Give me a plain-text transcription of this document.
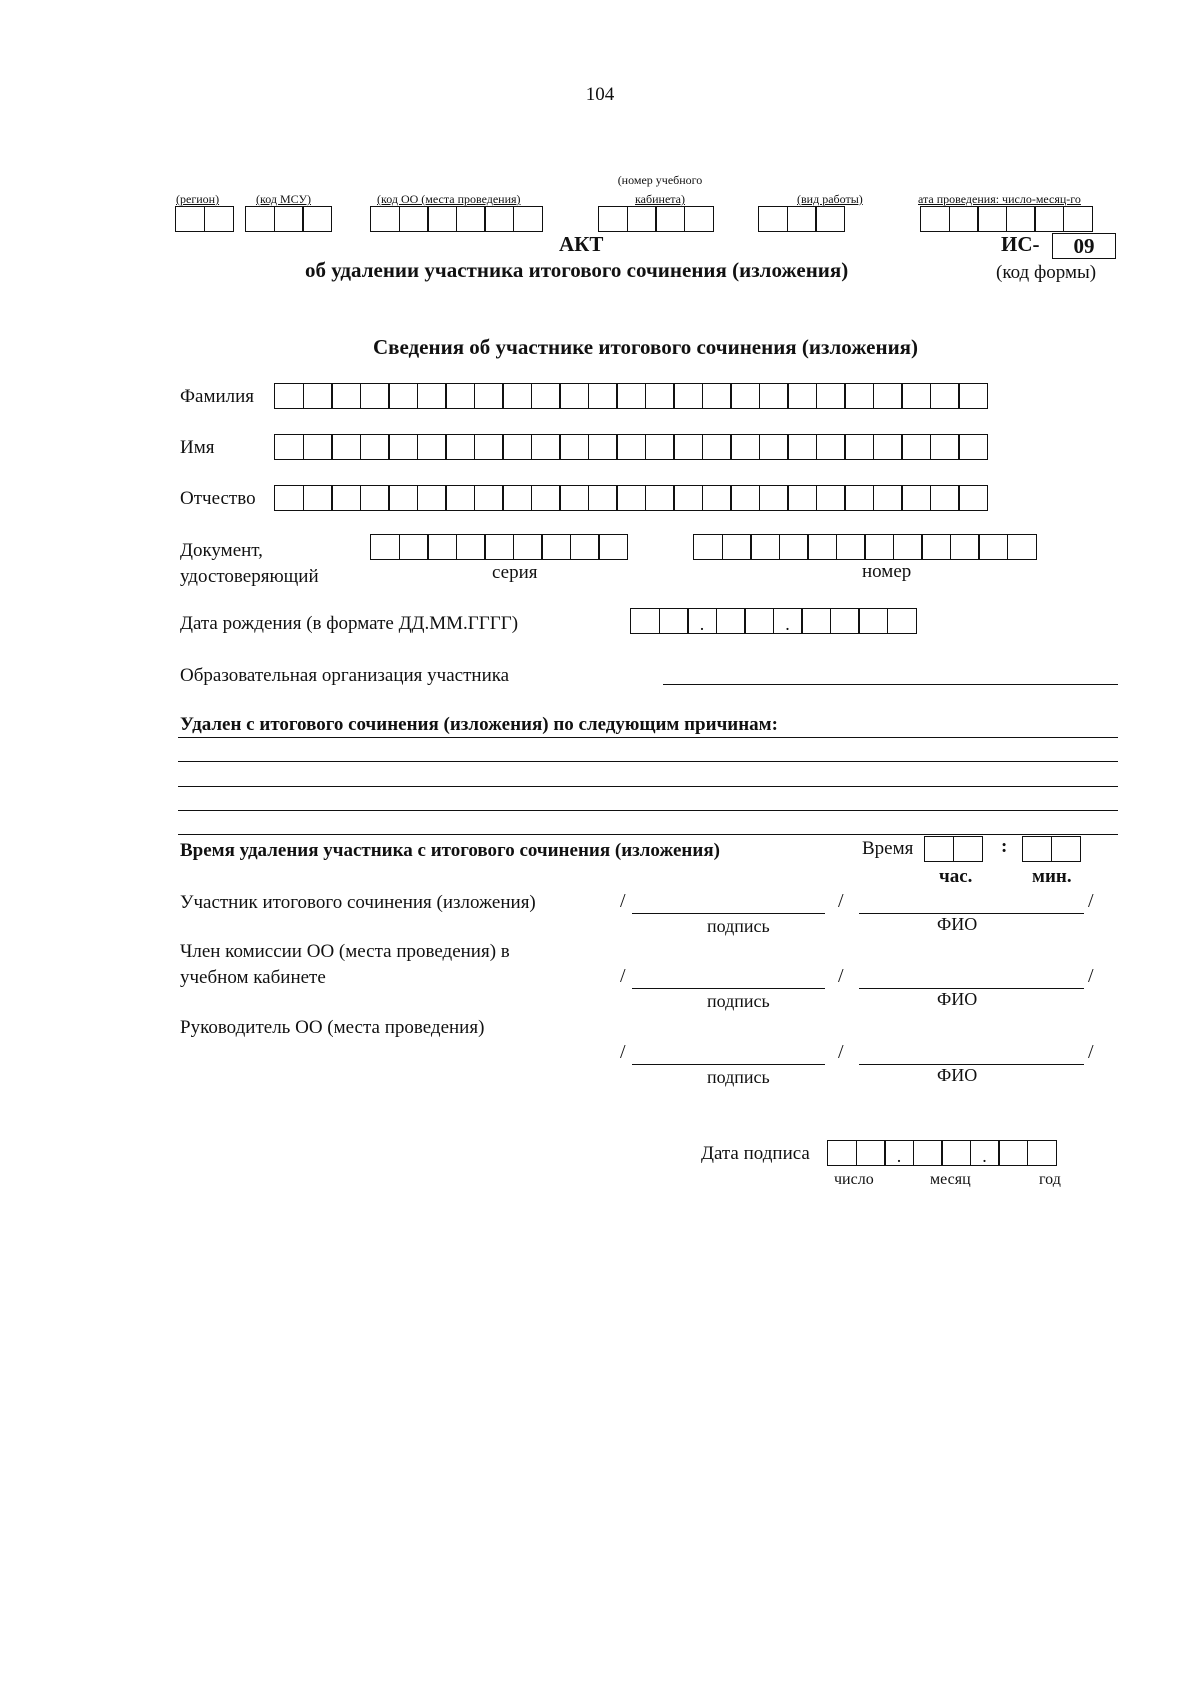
104
(регион)	(код МСУ)	(код ОО (места проведения)
(номер учебного
кабинета)	(вид работы)	ата проведения: число-месяц-го
АКТ
об удалении участника итогового сочинения (изложения)
ИС-	09
(код формы)
Сведения об участнике итогового сочинения (изложения)
Фамилия
Имя
Отчество
Документ,
удостоверяющий	серия	номер
Дата рождения (в формате ДД.ММ.ГГГГ)	.	.
Образовательная организация участника
Удален с итогового сочинения (изложения) по следующим причинам:
Время удаления участника с итогового сочинения (изложения)	Время	:
час.	мин.
Участник итогового сочинения (изложения)	/	/	/
подпись	ФИО
Член комиссии ОО (места проведения) в
учебном кабинете	/	/	/
подпись	ФИО
Руководитель ОО (места проведения)
/	/	/
подпись	ФИО
Дата подписа	.	.
число	месяц	год
